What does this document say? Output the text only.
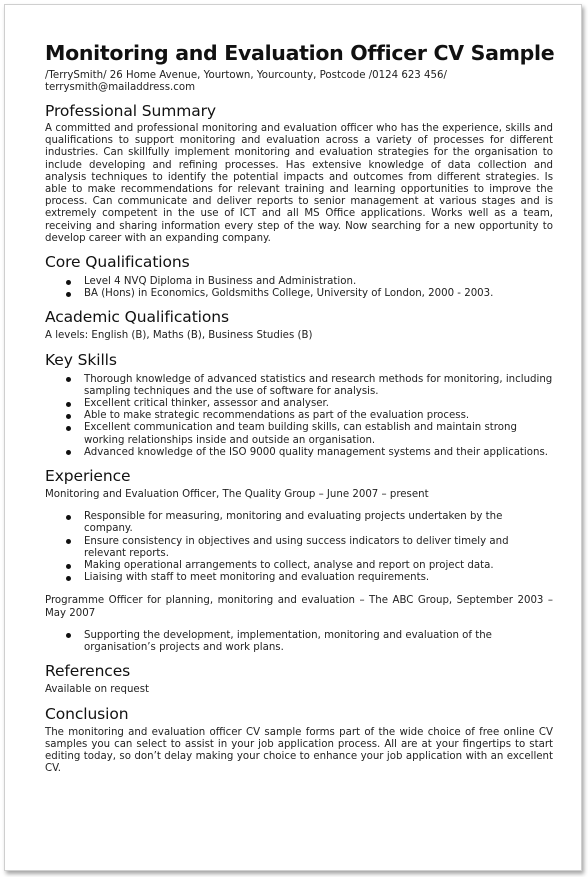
Monitoring and Evaluation Officer CV Sample
/TerrySmith/ 26 Home Avenue, Yourtown, Yourcounty, Postcode /0124 623 456/ terrysmith@mailaddress.com
Professional Summary

A committed and professional monitoring and evaluation officer who has the experience, skills and qualifications to support monitoring and evaluation across a variety of processes for different industries. Can skillfully implement monitoring and evaluation strategies for the organisation to include developing and refining processes. Has extensive knowledge of data collection and analysis techniques to identify the potential impacts and outcomes from different strategies. Is able to make recommendations for relevant training and learning opportunities to improve the process. Can communicate and deliver reports to senior management at various stages and is extremely competent in the use of ICT and all MS Office applications. Works well as a team, receiving and sharing information every step of the way. Now searching for a new opportunity to develop career with an expanding company.

Core Qualifications
Level 4 NVQ Diploma in Business and Administration.
BA (Hons) in Economics, Goldsmiths College, University of London, 2000 - 2003.
Academic Qualifications

A levels: English (B), Maths (B), Business Studies (B)

Key Skills
Thorough knowledge of advanced statistics and research methods for monitoring, including sampling techniques and the use of software for analysis.
Excellent critical thinker, assessor and analyser.
Able to make strategic recommendations as part of the evaluation process.
Excellent communication and team building skills, can establish and maintain strong working relationships inside and outside an organisation.
Advanced knowledge of the ISO 9000 quality management systems and their applications.
Experience

Monitoring and Evaluation Officer, The Quality Group – June 2007 – present

Responsible for measuring, monitoring and evaluating projects undertaken by the company.
Ensure consistency in objectives and using success indicators to deliver timely and relevant reports.
Making operational arrangements to collect, analyse and report on project data.
Liaising with staff to meet monitoring and evaluation requirements.

Programme Officer for planning, monitoring and evaluation – The ABC Group, September 2003 – May 2007

Supporting the development, implementation, monitoring and evaluation of the organisation’s projects and work plans.
References

Available on request

Conclusion

The monitoring and evaluation officer CV sample forms part of the wide choice of free online CV samples you can select to assist in your job application process. All are at your fingertips to start editing today, so don’t delay making your choice to enhance your job application with an excellent CV.
